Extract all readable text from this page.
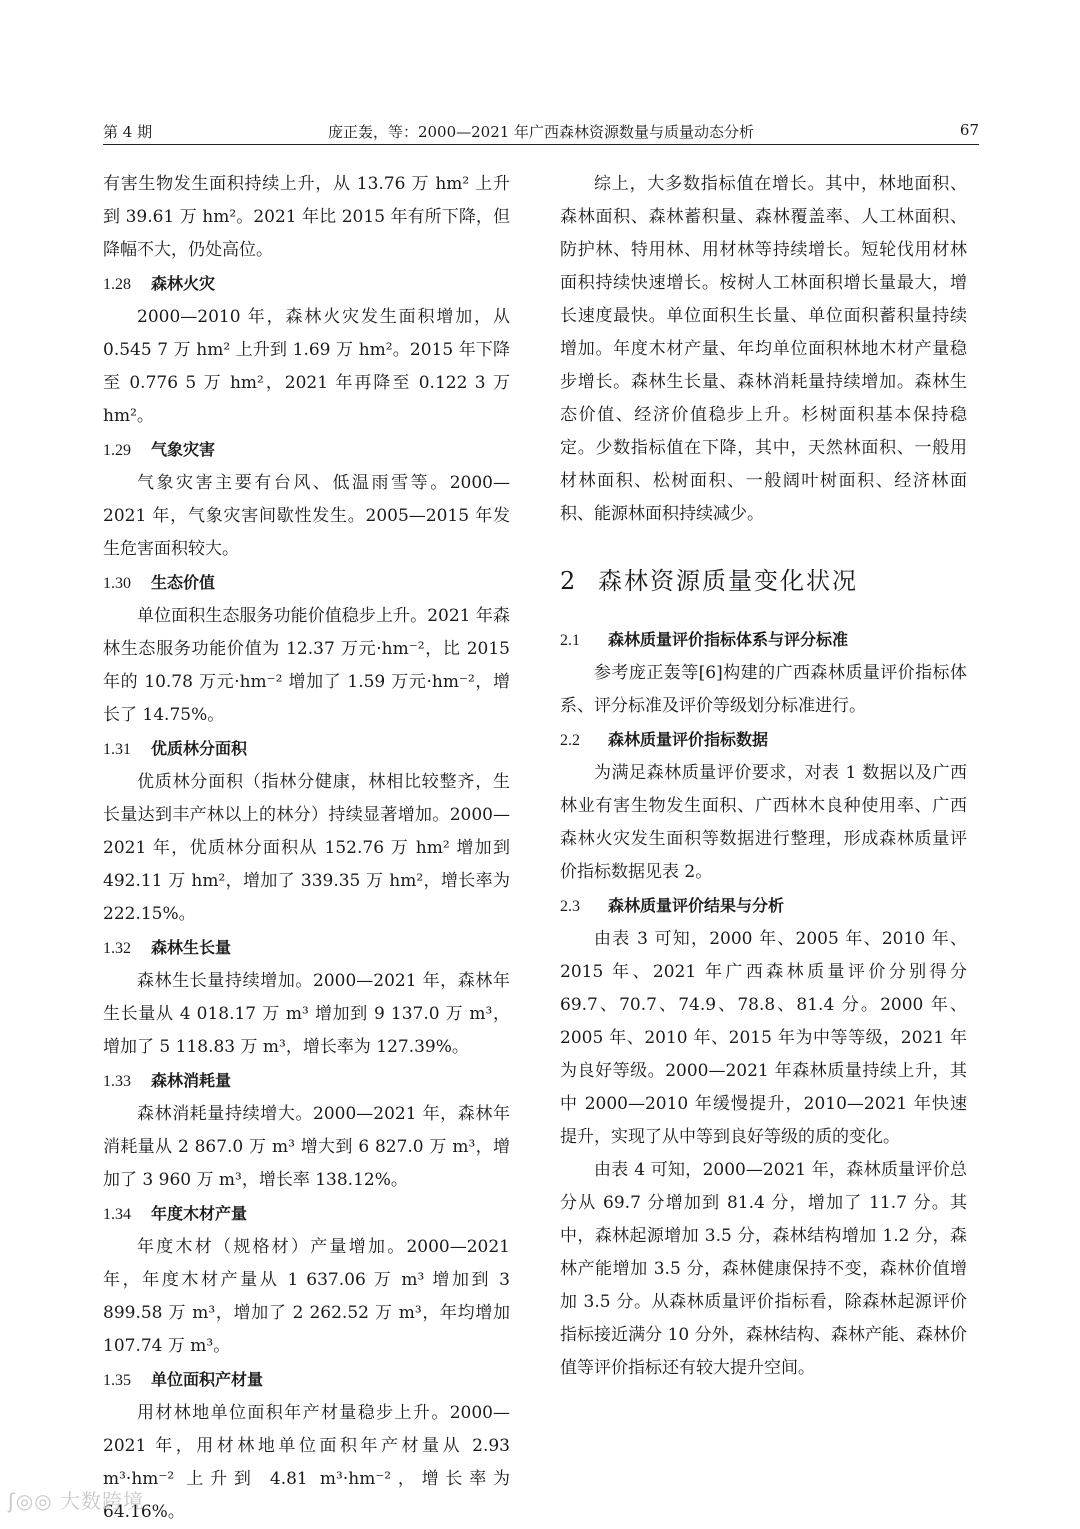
第 4 期	庞正轰，等：2000—2021 年广西森林资源数量与质量动态分析	67

有害生物发生面积持续上升，从 13.76 万 hm² 上升到 39.61 万 hm²。2021 年比 2015 年有所下降，但降幅不大，仍处高位。

1.28 森林火灾

2000—2010 年，森林火灾发生面积增加，从 0.545 7 万 hm² 上升到 1.69 万 hm²。2015 年下降至 0.776 5 万 hm²，2021 年再降至 0.122 3 万 hm²。

1.29 气象灾害

气象灾害主要有台风、低温雨雪等。2000—2021 年，气象灾害间歇性发生。2005—2015 年发生危害面积较大。

1.30 生态价值

单位面积生态服务功能价值稳步上升。2021 年森林生态服务功能价值为 12.37 万元·hm⁻²，比 2015 年的 10.78 万元·hm⁻² 增加了 1.59 万元·hm⁻²，增长了 14.75%。

1.31 优质林分面积

优质林分面积（指林分健康，林相比较整齐，生长量达到丰产林以上的林分）持续显著增加。2000—2021 年，优质林分面积从 152.76 万 hm² 增加到 492.11 万 hm²，增加了 339.35 万 hm²，增长率为 222.15%。

1.32 森林生长量

森林生长量持续增加。2000—2021 年，森林年生长量从 4 018.17 万 m³ 增加到 9 137.0 万 m³，增加了 5 118.83 万 m³，增长率为 127.39%。

1.33 森林消耗量

森林消耗量持续增大。2000—2021 年，森林年消耗量从 2 867.0 万 m³ 增大到 6 827.0 万 m³，增加了 3 960 万 m³，增长率 138.12%。

1.34 年度木材产量

年度木材（规格材）产量增加。2000—2021 年，年度木材产量从 1 637.06 万 m³ 增加到 3 899.58 万 m³，增加了 2 262.52 万 m³，年均增加 107.74 万 m³。

1.35 单位面积产材量

用材林地单位面积年产材量稳步上升。2000—2021 年，用材林地单位面积年产材量从 2.93 m³·hm⁻² 上升到 4.81 m³·hm⁻²，增长率为 64.16%。

综上，大多数指标值在增长。其中，林地面积、森林面积、森林蓄积量、森林覆盖率、人工林面积、防护林、特用林、用材林等持续增长。短轮伐用材林面积持续快速增长。桉树人工林面积增长量最大，增长速度最快。单位面积生长量、单位面积蓄积量持续增加。年度木材产量、年均单位面积林地木材产量稳步增长。森林生长量、森林消耗量持续增加。森林生态价值、经济价值稳步上升。杉树面积基本保持稳定。少数指标值在下降，其中，天然林面积、一般用材林面积、松树面积、一般阔叶树面积、经济林面积、能源林面积持续减少。

2 森林资源质量变化状况
2.1 森林质量评价指标体系与评分标准

参考庞正轰等[6]构建的广西森林质量评价指标体系、评分标准及评价等级划分标准进行。

2.2 森林质量评价指标数据

为满足森林质量评价要求，对表 1 数据以及广西林业有害生物发生面积、广西林木良种使用率、广西森林火灾发生面积等数据进行整理，形成森林质量评价指标数据见表 2。

2.3 森林质量评价结果与分析

由表 3 可知，2000 年、2005 年、2010 年、2015 年、2021 年广西森林质量评价分别得分 69.7、70.7、74.9、78.8、81.4 分。2000 年、2005 年、2010 年、2015 年为中等等级，2021 年为良好等级。2000—2021 年森林质量持续上升，其中 2000—2010 年缓慢提升，2010—2021 年快速提升，实现了从中等到良好等级的质的变化。

由表 4 可知，2000—2021 年，森林质量评价总分从 69.7 分增加到 81.4 分，增加了 11.7 分。其中，森林起源增加 3.5 分，森林结构增加 1.2 分，森林产能增加 3.5 分，森林健康保持不变，森林价值增加 3.5 分。从森林质量评价指标看，除森林起源评价指标接近满分 10 分外，森林结构、森林产能、森林价值等评价指标还有较大提升空间。

ʃ◎◎ 大数跨境
